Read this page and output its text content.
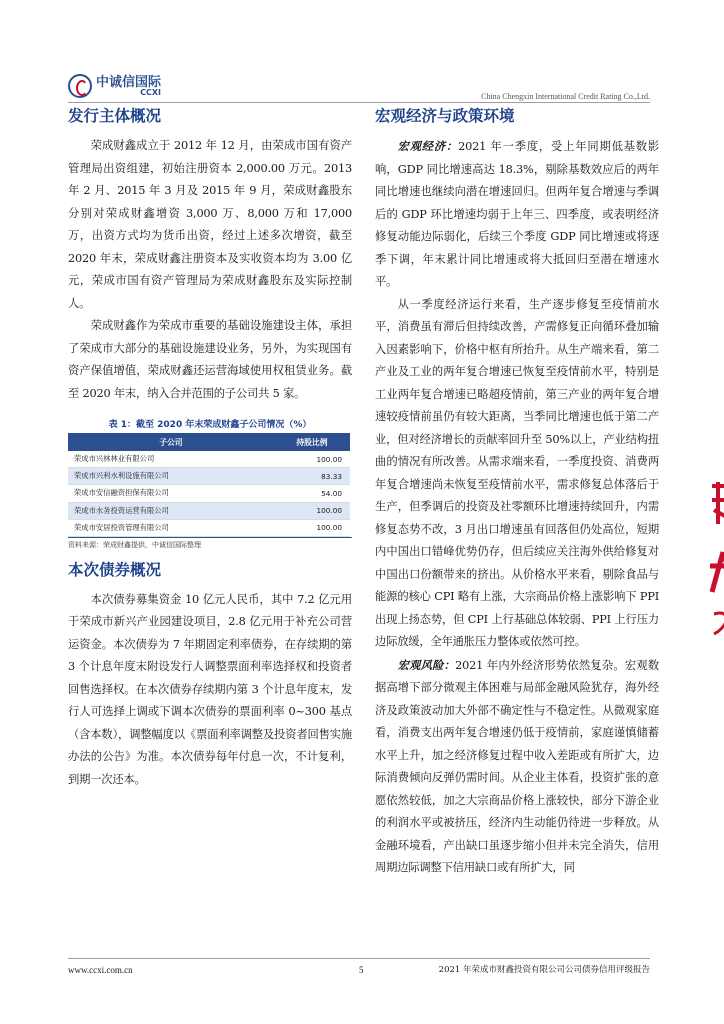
中诚信国际
CCXI	China Chengxin International Credit Rating Co.,Ltd.
发行主体概况

荣成财鑫成立于 2012 年 12 月，由荣成市国有资产管理局出资组建，初始注册资本 2,000.00 万元。2013 年 2 月、2015 年 3 月及 2015 年 9 月，荣成财鑫股东分别对荣成财鑫增资 3,000 万、8,000 万和 17,000 万，出资方式均为货币出资，经过上述多次增资，截至 2020 年末，荣成财鑫注册资本及实收资本均为 3.00 亿元，荣成市国有资产管理局为荣成财鑫股东及实际控制人。

荣成财鑫作为荣成市重要的基础设施建设主体，承担了荣成市大部分的基础设施建设业务，另外，为实现国有资产保值增值，荣成财鑫还运营海域使用权租赁业务。截至 2020 年末，纳入合并范围的子公司共 5 家。

表 1：截至 2020 年末荣成财鑫子公司情况（%）
子公司	持股比例
荣成市兴林林业有限公司	100.00
荣成市兴利水利设施有限公司	83.33
荣成市安信融资担保有限公司	54.00
荣成市水务投资运营有限公司	100.00
荣成市安居投资管理有限公司	100.00
资料来源：荣成财鑫提供，中诚信国际整理
本次债券概况

本次债券募集资金 10 亿元人民币，其中 7.2 亿元用于荣成市新兴产业园建设项目，2.8 亿元用于补充公司营运资金。本次债券为 7 年期固定利率债券，在存续期的第 3 个计息年度末附设发行人调整票面利率选择权和投资者回售选择权。在本次债券存续期内第 3 个计息年度末，发行人可选择上调或下调本次债券的票面利率 0~300 基点（含本数），调整幅度以《票面利率调整及投资者回售实施办法的公告》为准。本次债券每年付息一次，不计复利，到期一次还本。

宏观经济与政策环境

宏观经济：2021 年一季度，受上年同期低基数影响，GDP 同比增速高达 18.3%，剔除基数效应后的两年同比增速也继续向潜在增速回归。但两年复合增速与季调后的 GDP 环比增速均弱于上年三、四季度，或表明经济修复动能边际弱化，后续三个季度 GDP 同比增速或将逐季下调，年末累计同比增速或将大抵回归至潜在增速水平。

从一季度经济运行来看，生产逐步修复至疫情前水平，消费虽有滞后但持续改善，产需修复正向循环叠加输入因素影响下，价格中枢有所抬升。从生产端来看，第二产业及工业的两年复合增速已恢复至疫情前水平，特别是工业两年复合增速已略超疫情前，第三产业的两年复合增速较疫情前虽仍有较大距离，当季同比增速也低于第二产业，但对经济增长的贡献率回升至 50%以上，产业结构扭曲的情况有所改善。从需求端来看，一季度投资、消费两年复合增速尚未恢复至疫情前水平，需求修复总体落后于生产，但季调后的投资及社零额环比增速持续回升，内需修复态势不改，3 月出口增速虽有回落但仍处高位，短期内中国出口错峰优势仍存，但后续应关注海外供给修复对中国出口份额带来的挤出。从价格水平来看，剔除食品与能源的核心 CPI 略有上涨，大宗商品价格上涨影响下 PPI 出现上扬态势，但 CPI 上行基础总体较弱、PPI 上行压力边际放缓，全年通胀压力整体或依然可控。

宏观风险：2021 年内外经济形势依然复杂。宏观数据高增下部分微观主体困难与局部金融风险犹存，海外经济及政策波动加大外部不确定性与不稳定性。从微观家庭看，消费支出两年复合增速仍低于疫情前，家庭谨慎储蓄水平上升，加之经济修复过程中收入差距或有所扩大，边际消费倾向反弹仍需时间。从企业主体看，投资扩张的意愿依然较低，加之大宗商品价格上涨较快，部分下游企业的利润水平或被挤压，经济内生动能仍待进一步释放。从金融环境看，产出缺口虽逐步缩小但并未完全消失，信用周期边际调整下信用缺口或有所扩大，同

www.ccxi.com.cn	5	2021 年荣成市财鑫投资有限公司公司债券信用评级报告
